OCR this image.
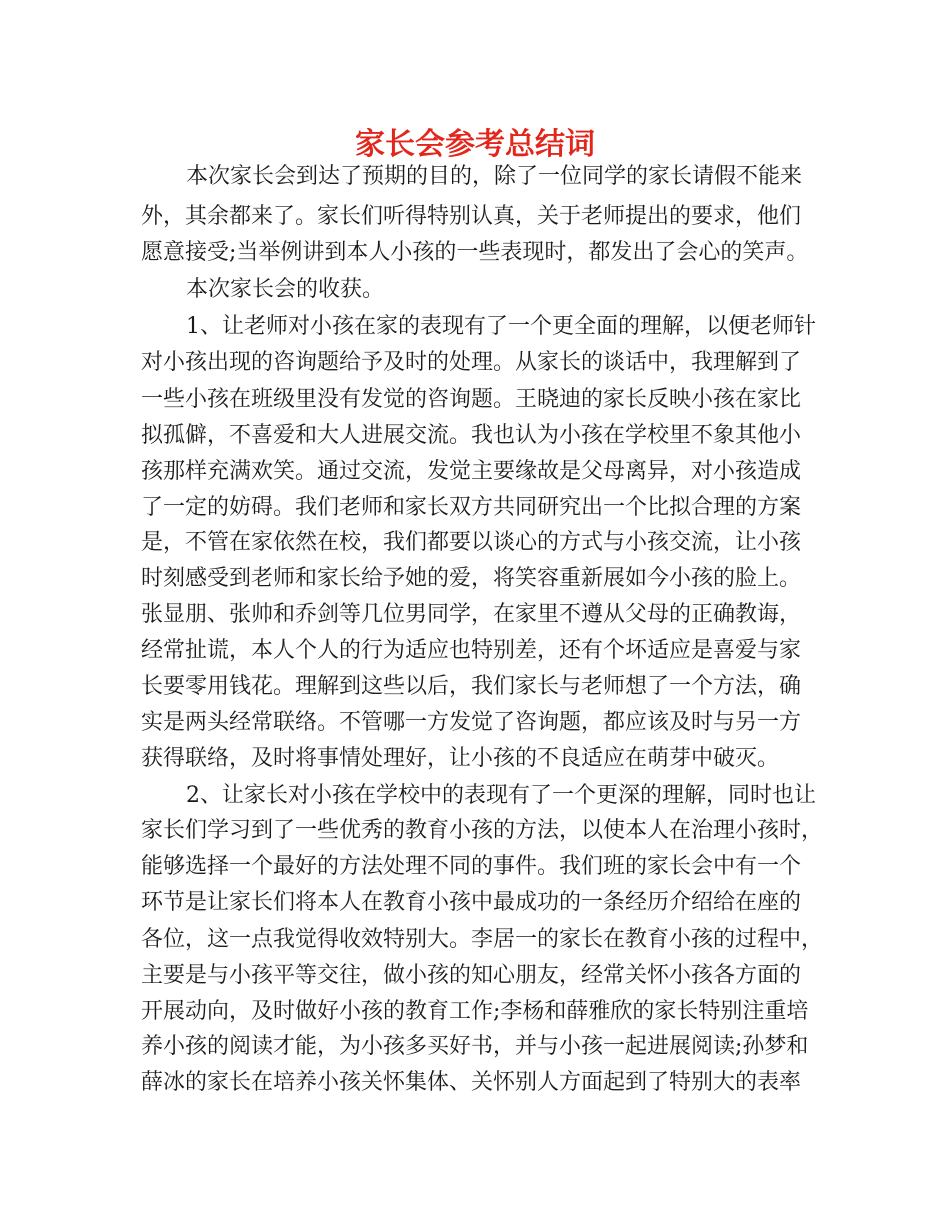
家长会参考总结词
本次家长会到达了预期的目的，除了一位同学的家长请假不能来
外，其余都来了。家长们听得特别认真，关于老师提出的要求，他们
愿意接受;当举例讲到本人小孩的一些表现时，都发出了会心的笑声。
本次家长会的收获。
1、让老师对小孩在家的表现有了一个更全面的理解，以便老师针
对小孩出现的咨询题给予及时的处理。从家长的谈话中，我理解到了
一些小孩在班级里没有发觉的咨询题。王晓迪的家长反映小孩在家比
拟孤僻，不喜爱和大人进展交流。我也认为小孩在学校里不象其他小
孩那样充满欢笑。通过交流，发觉主要缘故是父母离异，对小孩造成
了一定的妨碍。我们老师和家长双方共同研究出一个比拟合理的方案
是，不管在家依然在校，我们都要以谈心的方式与小孩交流，让小孩
时刻感受到老师和家长给予她的爱，将笑容重新展如今小孩的脸上。
张显朋、张帅和乔剑等几位男同学，在家里不遵从父母的正确教诲，
经常扯谎，本人个人的行为适应也特别差，还有个坏适应是喜爱与家
长要零用钱花。理解到这些以后，我们家长与老师想了一个方法，确
实是两头经常联络。不管哪一方发觉了咨询题，都应该及时与另一方
获得联络，及时将事情处理好，让小孩的不良适应在萌芽中破灭。
2、让家长对小孩在学校中的表现有了一个更深的理解，同时也让
家长们学习到了一些优秀的教育小孩的方法，以使本人在治理小孩时，
能够选择一个最好的方法处理不同的事件。我们班的家长会中有一个
环节是让家长们将本人在教育小孩中最成功的一条经历介绍给在座的
各位，这一点我觉得收效特别大。李居一的家长在教育小孩的过程中，
主要是与小孩平等交往，做小孩的知心朋友，经常关怀小孩各方面的
开展动向，及时做好小孩的教育工作;李杨和薛雅欣的家长特别注重培
养小孩的阅读才能，为小孩多买好书，并与小孩一起进展阅读;孙梦和
薛冰的家长在培养小孩关怀集体、关怀别人方面起到了特别大的表率
